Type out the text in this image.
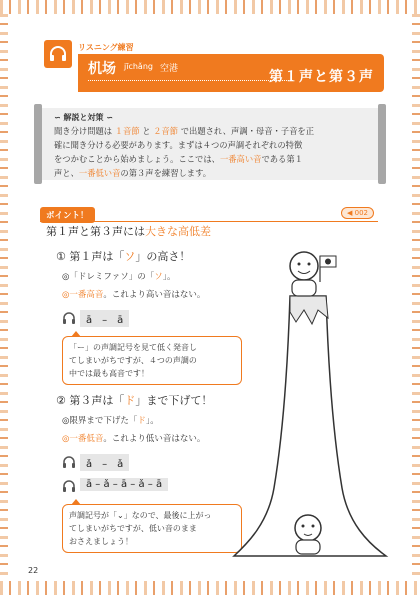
リスニング練習
机场 jīchǎng 空港	第１声と第３声
∽ 解説と対策 ∽
聞き分け問題は １音節 と ２音節 で出題され、声調・母音・子音を正
確に聞き分ける必要があります。まずは４つの声調それぞれの特徴
をつかむことから始めましょう。ここでは、一番高い音である第１
声と、一番低い音の第３声を練習します。
ポイント！	◀ 002
第１声と第３声には大きな高低差
① 第１声は「ソ」の高さ！
◎「ドレミファソ」の「ソ」。
◎一番高音。これより高い音はない。
ā　–　ā
「ー」の声調記号を見て低く発音し
てしまいがちですが、４つの声調の
中では最も高音です！
② 第３声は「ド」まで下げて！
◎限界まで下げた「ド」。
◎一番低音。これより低い音はない。
ǎ　–　ǎ
ā – ǎ – ā – ǎ – ā
声調記号が「⌄」なので、最後に上がっ
てしまいがちですが、低い音のまま
おさえましょう！
22
